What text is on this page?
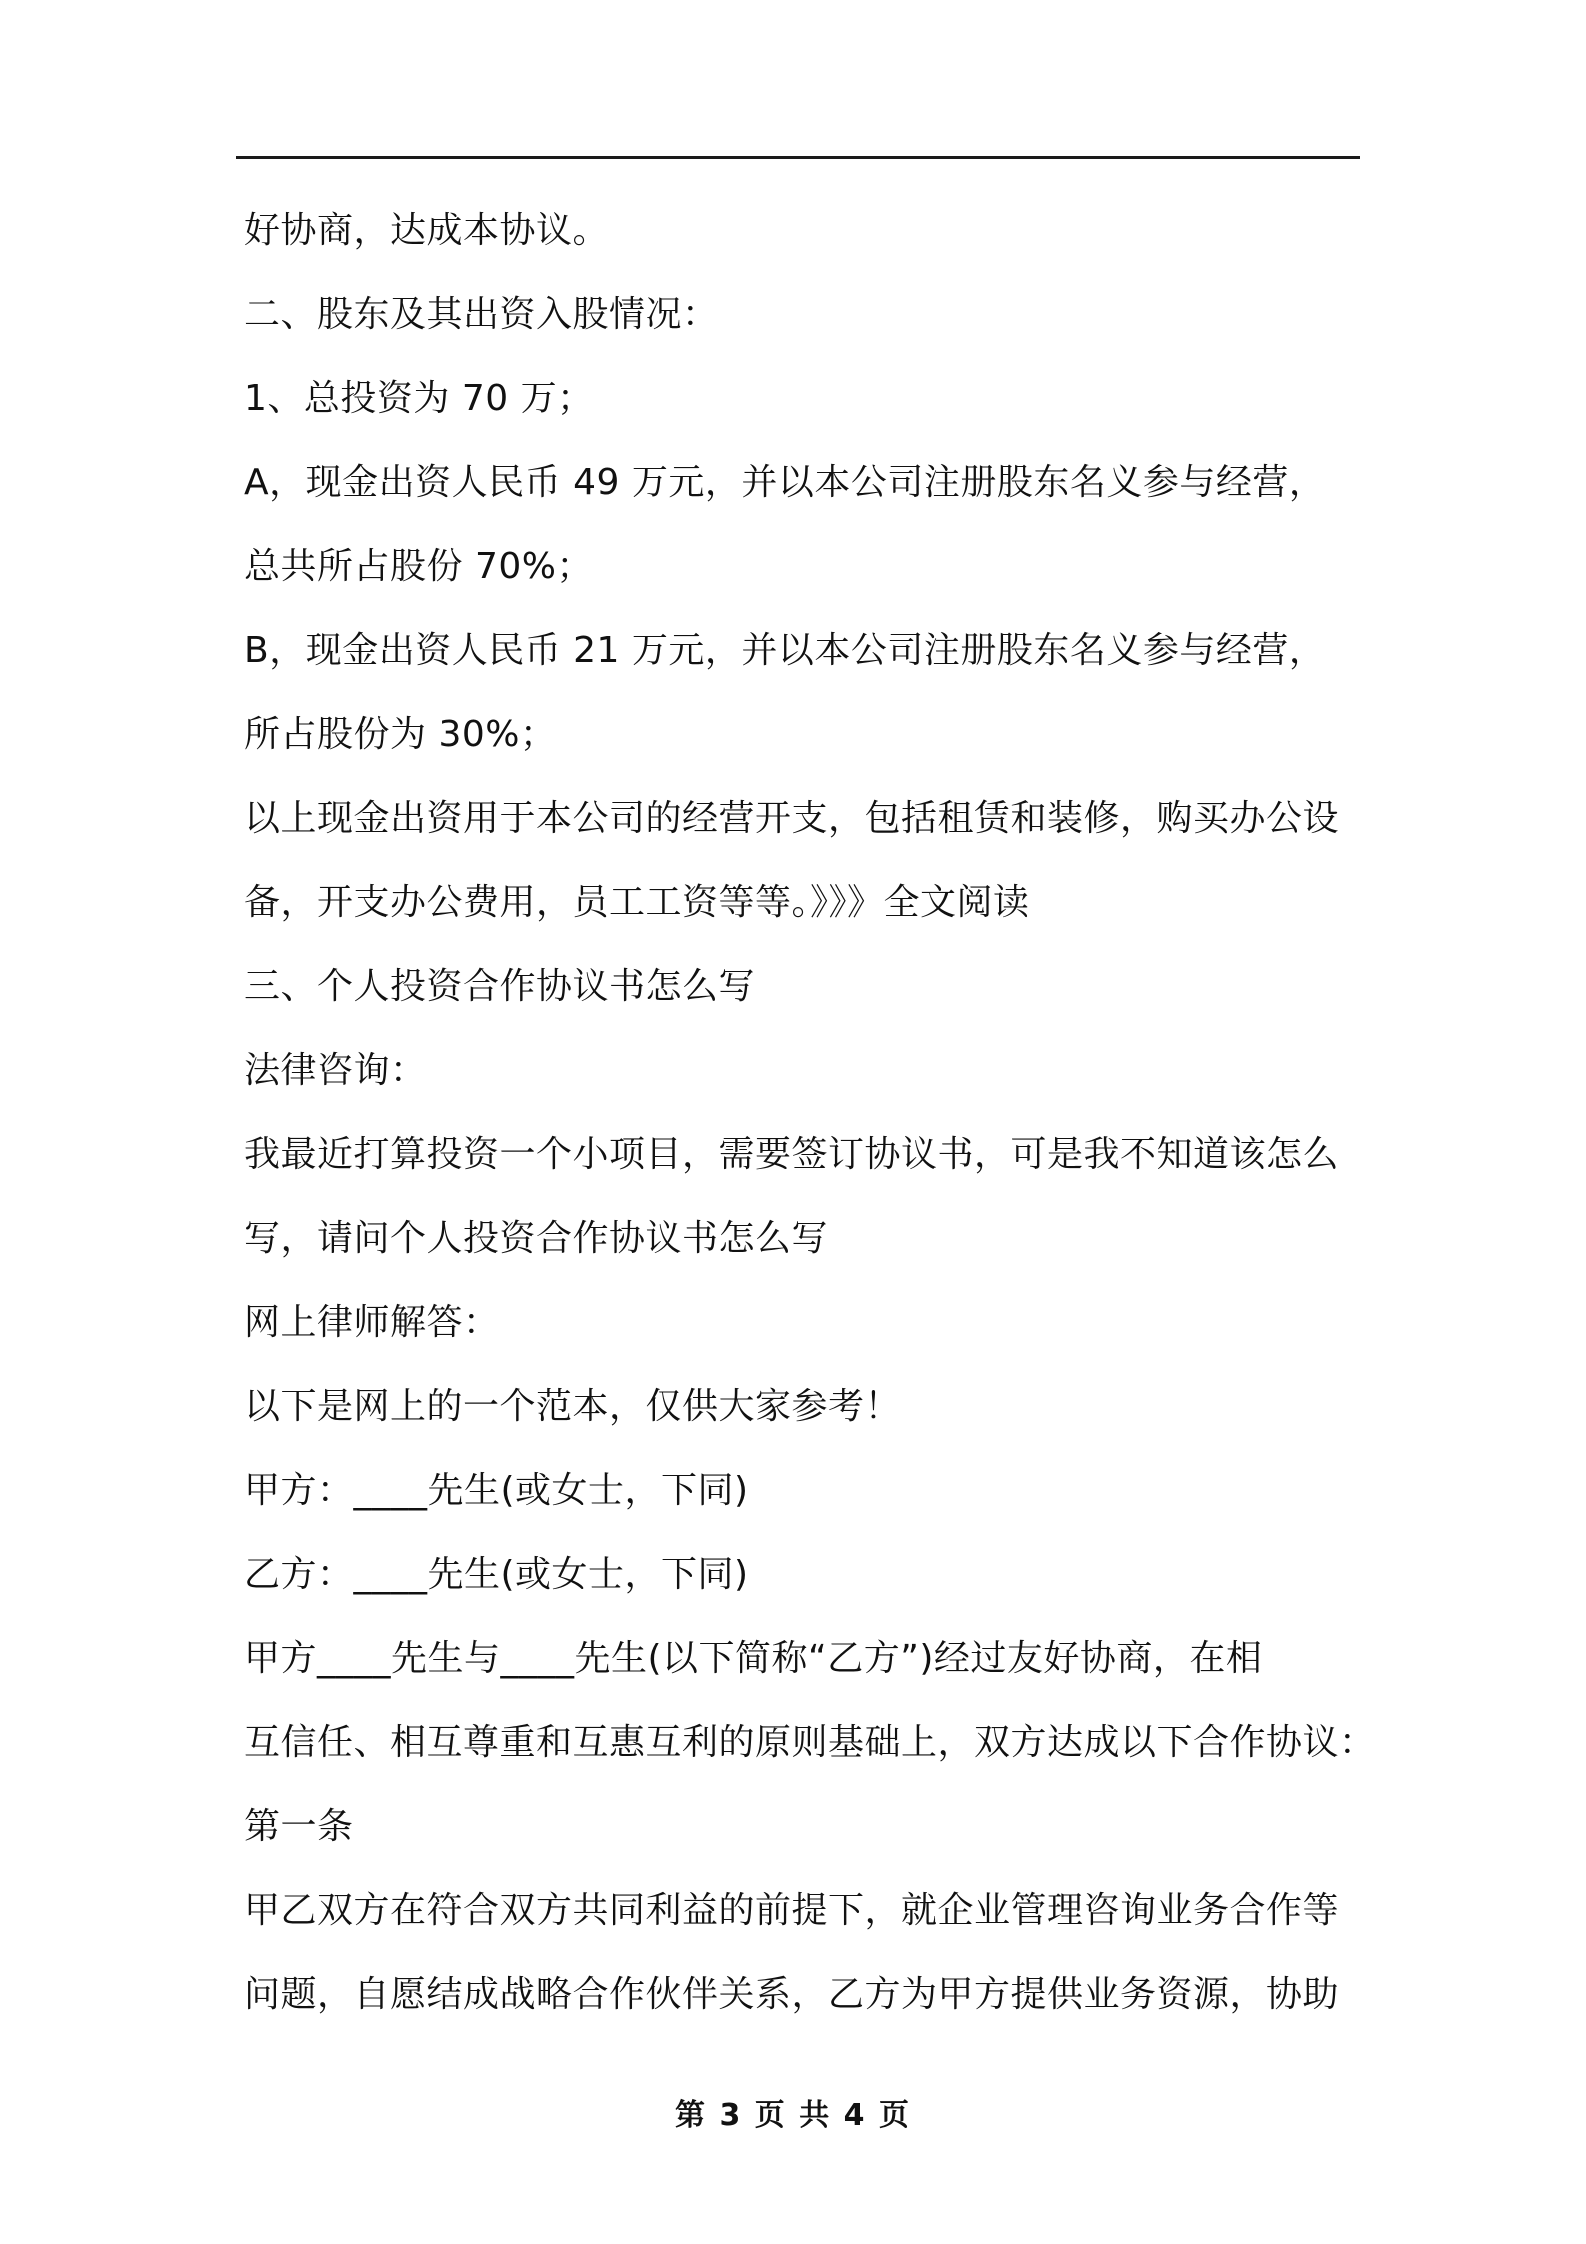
好协商，达成本协议。
二、股东及其出资入股情况：
1、总投资为 70 万；
A，现金出资人民币 49 万元，并以本公司注册股东名义参与经营，
总共所占股份 70%；
B，现金出资人民币 21 万元，并以本公司注册股东名义参与经营，
所占股份为 30%；
以上现金出资用于本公司的经营开支，包括租赁和装修，购买办公设
备，开支办公费用，员工工资等等。》》》全文阅读
三、个人投资合作协议书怎么写
法律咨询：
我最近打算投资一个小项目，需要签订协议书，可是我不知道该怎么
写，请问个人投资合作协议书怎么写
网上律师解答：
以下是网上的一个范本，仅供大家参考！
甲方：____先生(或女士，下同)
乙方：____先生(或女士，下同)
甲方____先生与____先生(以下简称“乙方”)经过友好协商，在相
互信任、相互尊重和互惠互利的原则基础上，双方达成以下合作协议：
第一条
甲乙双方在符合双方共同利益的前提下，就企业管理咨询业务合作等
问题，自愿结成战略合作伙伴关系，乙方为甲方提供业务资源，协助
第 3 页 共 4 页
